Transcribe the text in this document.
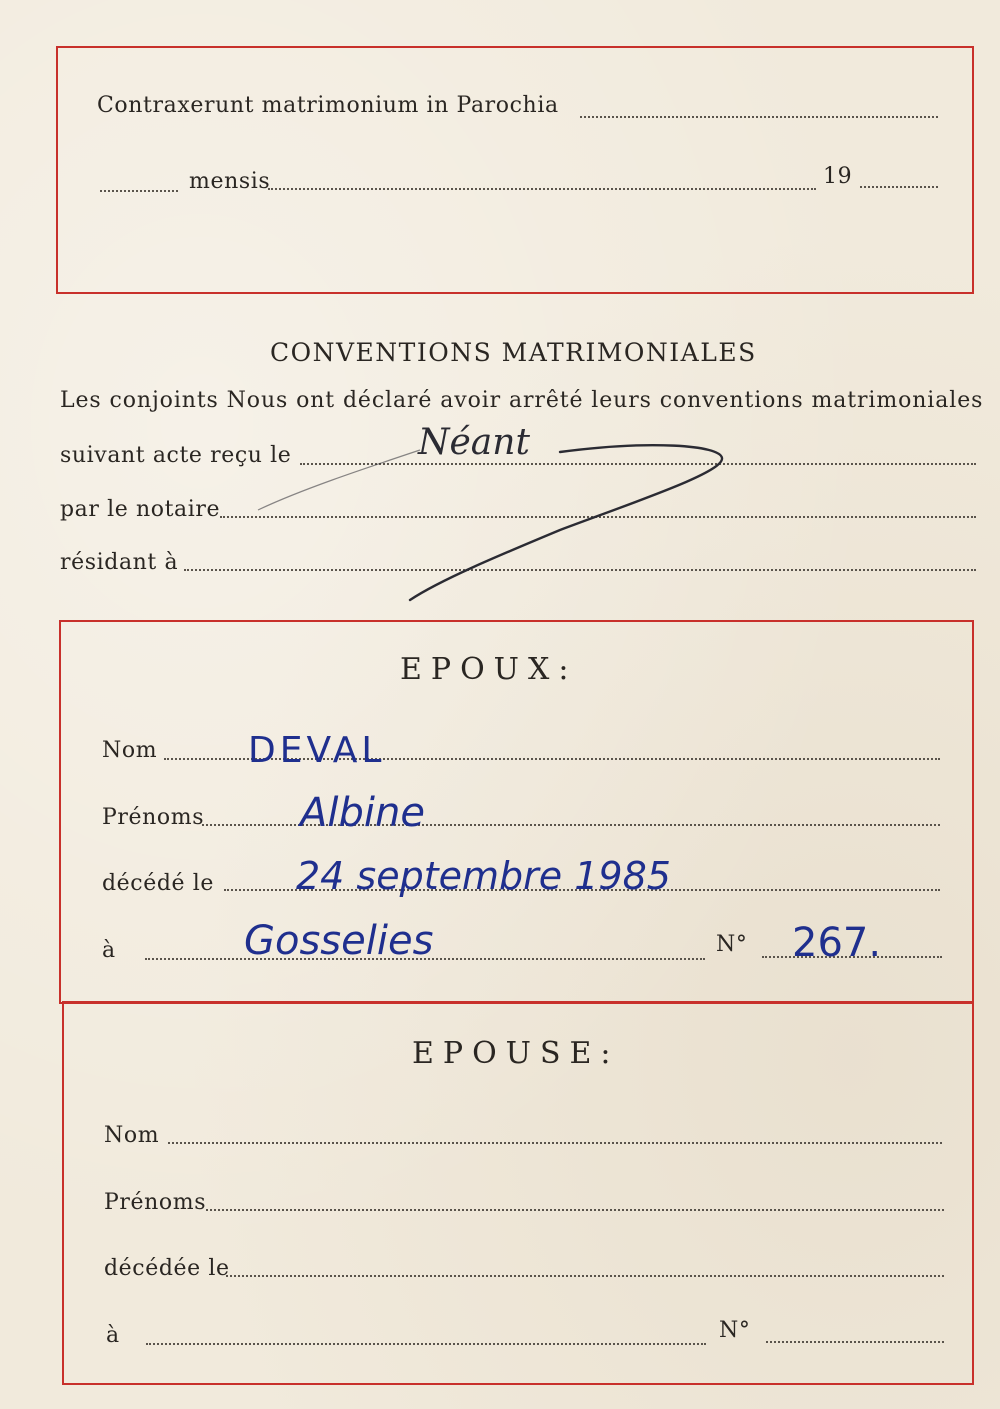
Contraxerunt matrimonium in Parochia
mensis	19
CONVENTIONS MATRIMONIALES
Les conjoints Nous ont déclaré avoir arrêté leurs conventions matrimoniales
suivant acte reçu le
par le notaire
résidant à
Néant
EPOUX:
Nom	DEVAL
Prénoms Albine
décédé le 24 septembre 1985
à	Gosselies	N° 267.
EPOUSE:
Nom
Prénoms
décédée le
à	N°
